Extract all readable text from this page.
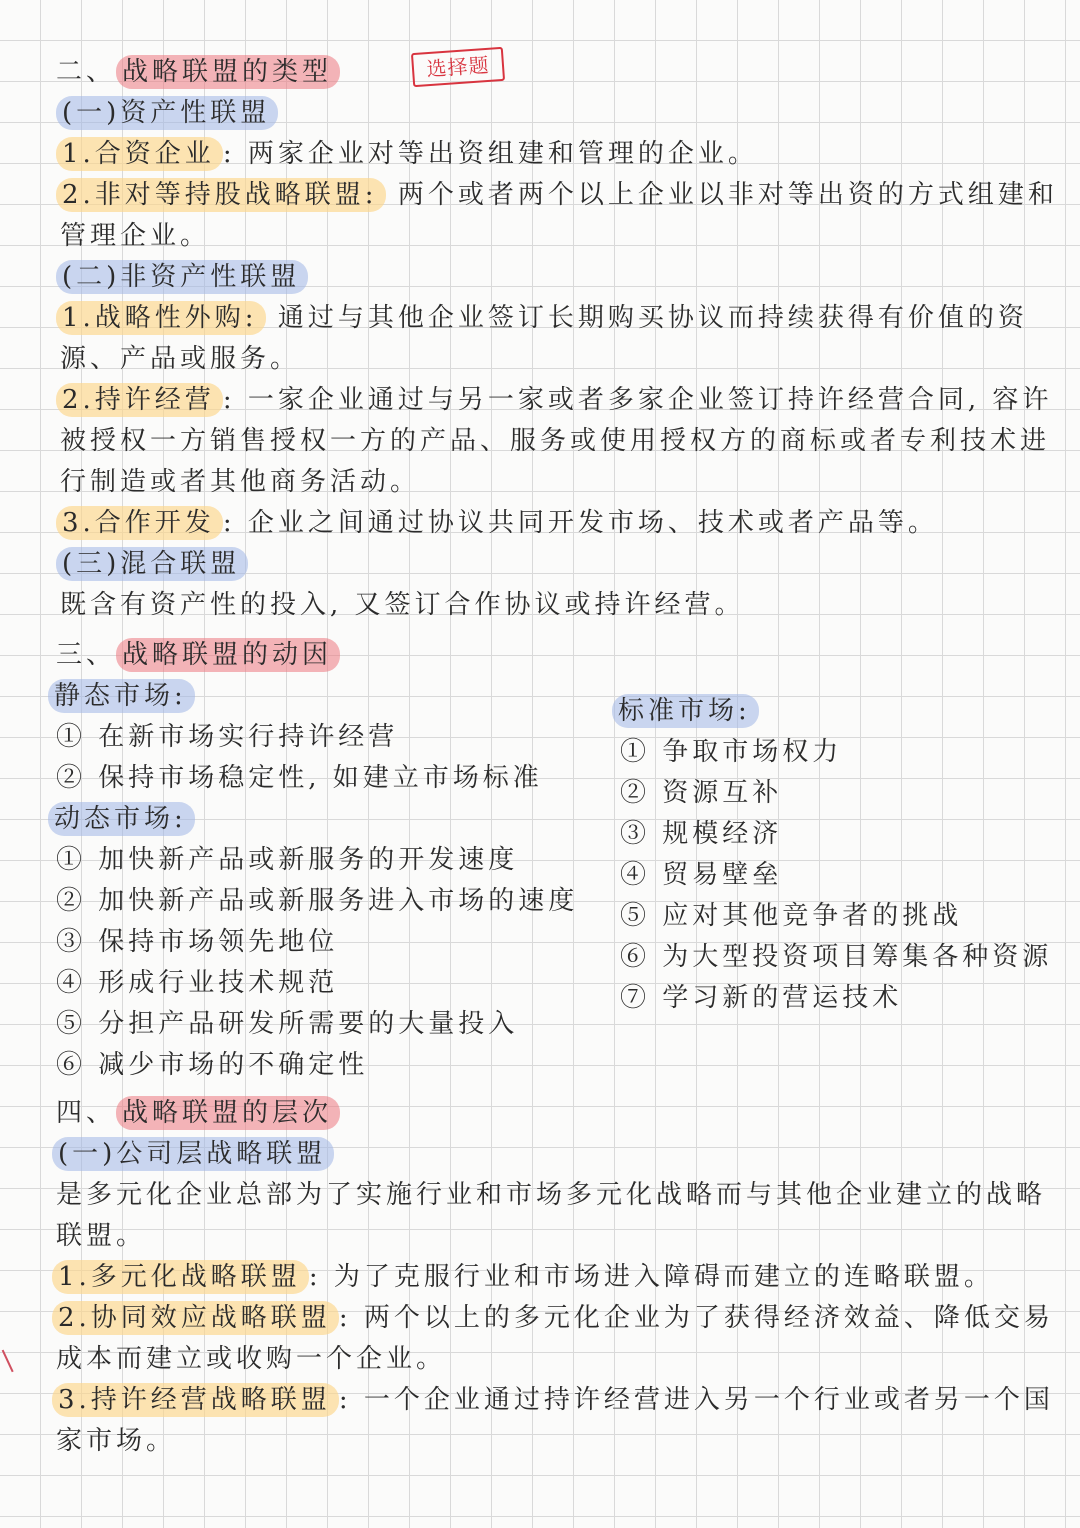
选择题
二、 战略联盟的类型
(一)资产性联盟
1.合资企业 : 两家企业对等出资组建和管理的企业。
2.非对等持股战略联盟: 两个或者两个以上企业以非对等出资的方式组建和
管理企业。
(二)非资产性联盟
1.战略性外购: 通过与其他企业签订长期购买协议而持续获得有价值的资
源、产品或服务。
2.持许经营 : 一家企业通过与另一家或者多家企业签订持许经营合同, 容许
被授权一方销售授权一方的产品、服务或使用授权方的商标或者专利技术进
行制造或者其他商务活动。
3.合作开发 : 企业之间通过协议共同开发市场、技术或者产品等。
(三)混合联盟
既含有资产性的投入, 又签订合作协议或持许经营。
三、 战略联盟的动因
静态市场:
① 在新市场实行持许经营
② 保持市场稳定性, 如建立市场标准
动态市场:
① 加快新产品或新服务的开发速度
② 加快新产品或新服务进入市场的速度
③ 保持市场领先地位
④ 形成行业技术规范
⑤ 分担产品研发所需要的大量投入
⑥ 减少市场的不确定性
四、 战略联盟的层次
(一)公司层战略联盟
是多元化企业总部为了实施行业和市场多元化战略而与其他企业建立的战略
联盟。
1.多元化战略联盟 : 为了克服行业和市场进入障碍而建立的连略联盟。
2.协同效应战略联盟 : 两个以上的多元化企业为了获得经济效益、降低交易
成本而建立或收购一个企业。
3.持许经营战略联盟 : 一个企业通过持许经营进入另一个行业或者另一个国
家市场。
标准市场:
① 争取市场权力
② 资源互补
③ 规模经济
④ 贸易壁垒
⑤ 应对其他竞争者的挑战
⑥ 为大型投资项目筹集各种资源
⑦ 学习新的营运技术
